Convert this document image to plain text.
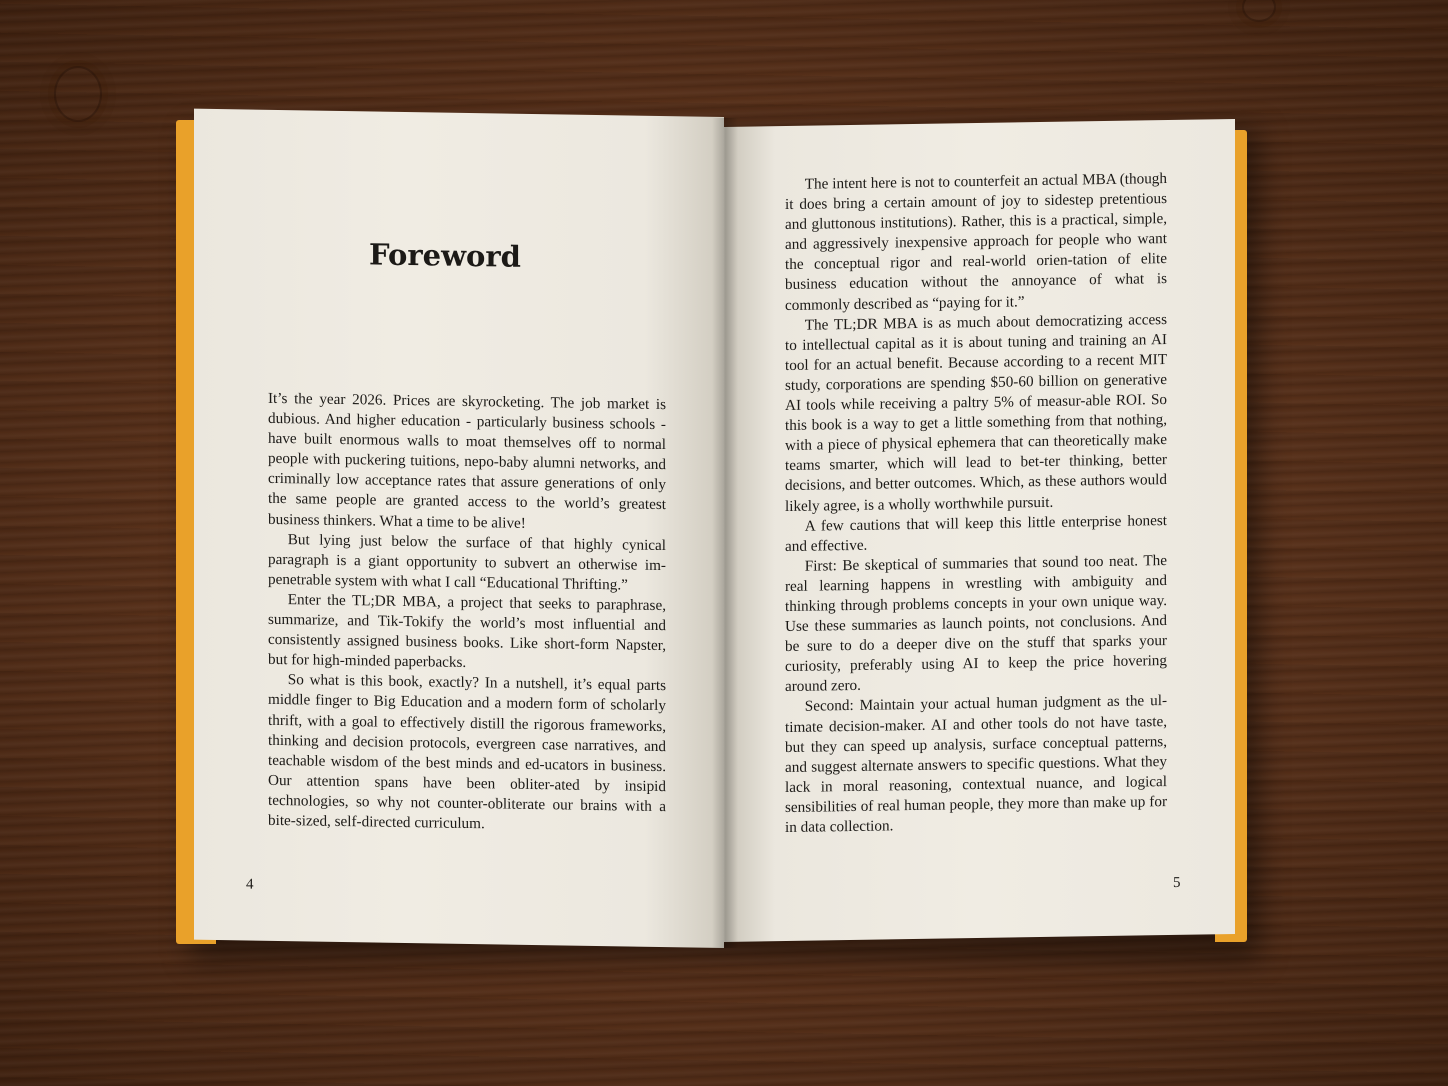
Foreword

It’s the year 2026. Prices are skyrocketing. The job market is dubious. And higher education - particularly business schools - have built enormous walls to moat themselves off to normal people with puckering tuitions, nepo-baby alumni networks, and criminally low acceptance rates that assure generations of only the same people are granted access to the world’s greatest business thinkers. What a time to be alive!

But lying just below the surface of that highly cynical paragraph is a giant opportunity to subvert an otherwise im-penetrable system with what I call “Educational Thrifting.”

Enter the TL;DR MBA, a project that seeks to paraphrase, summarize, and Tik-Tokify the world’s most influential and consistently assigned business books. Like short-form Napster, but for high-minded paperbacks.

So what is this book, exactly? In a nutshell, it’s equal parts middle finger to Big Education and a modern form of scholarly thrift, with a goal to effectively distill the rigorous frameworks, thinking and decision protocols, evergreen case narratives, and teachable wisdom of the best minds and ed-ucators in business. Our attention spans have been obliter-ated by insipid technologies, so why not counter-obliterate our brains with a bite-sized, self-directed curriculum.

4

The intent here is not to counterfeit an actual MBA (though it does bring a certain amount of joy to sidestep pretentious and gluttonous institutions). Rather, this is a practical, simple, and aggressively inexpensive approach for people who want the conceptual rigor and real-world orien-tation of elite business education without the annoyance of what is commonly described as “paying for it.”

The TL;DR MBA is as much about democratizing access to intellectual capital as it is about tuning and training an AI tool for an actual benefit. Because according to a recent MIT study, corporations are spending $50-60 billion on generative AI tools while receiving a paltry 5% of measur-able ROI. So this book is a way to get a little something from that nothing, with a piece of physical ephemera that can theoretically make teams smarter, which will lead to bet-ter thinking, better decisions, and better outcomes. Which, as these authors would likely agree, is a wholly worthwhile pursuit.

A few cautions that will keep this little enterprise honest and effective.

First: Be skeptical of summaries that sound too neat. The real learning happens in wrestling with ambiguity and thinking through problems concepts in your own unique way. Use these summaries as launch points, not conclusions. And be sure to do a deeper dive on the stuff that sparks your curiosity, preferably using AI to keep the price hovering around zero.

Second: Maintain your actual human judgment as the ul-timate decision-maker. AI and other tools do not have taste, but they can speed up analysis, surface conceptual patterns, and suggest alternate answers to specific questions. What they lack in moral reasoning, contextual nuance, and logical sensibilities of real human people, they more than make up for in data collection.

5
